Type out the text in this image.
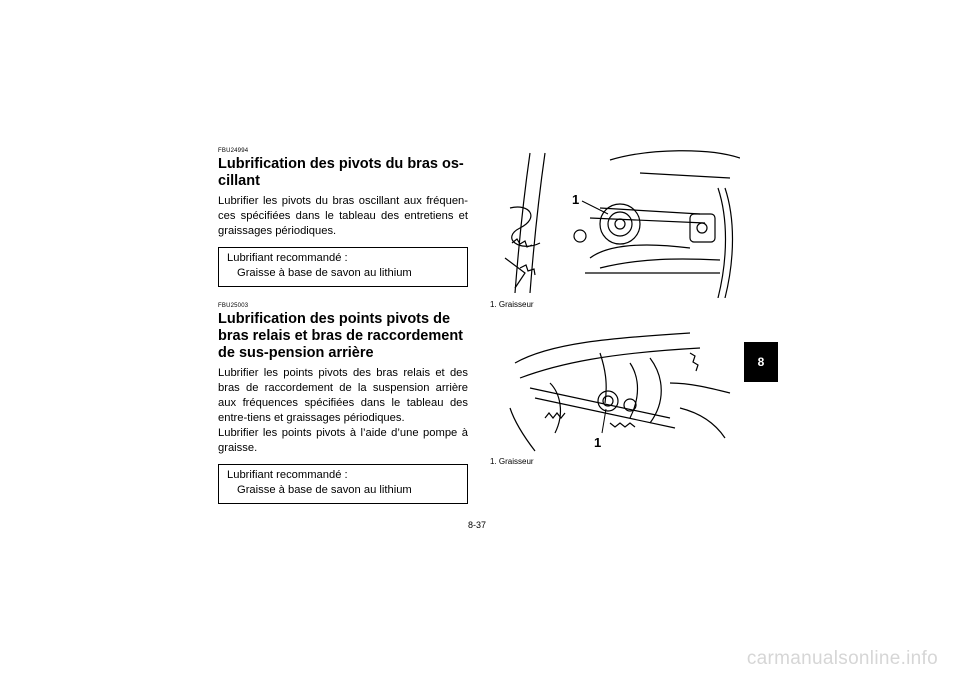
FBU24994

Lubrification des pivots du bras os-cillant

Lubrifier les pivots du bras oscillant aux fréquen-ces spécifiées dans le tableau des entretiens et graissages périodiques.

Lubrifiant recommandé :
Graisse à base de savon au lithium

FBU25003

Lubrification des points pivots de bras relais et bras de raccordement de sus-pension arrière

Lubrifier les points pivots des bras relais et des bras de raccordement de la suspension arrière aux fréquences spécifiées dans le tableau des entre-tiens et graissages périodiques.

Lubrifier les points pivots à l’aide d’une pompe à graisse.

Lubrifiant recommandé :
Graisse à base de savon au lithium
1

1. Graisseur

1

1. Graisseur

8
8-37
carmanualsonline.info
